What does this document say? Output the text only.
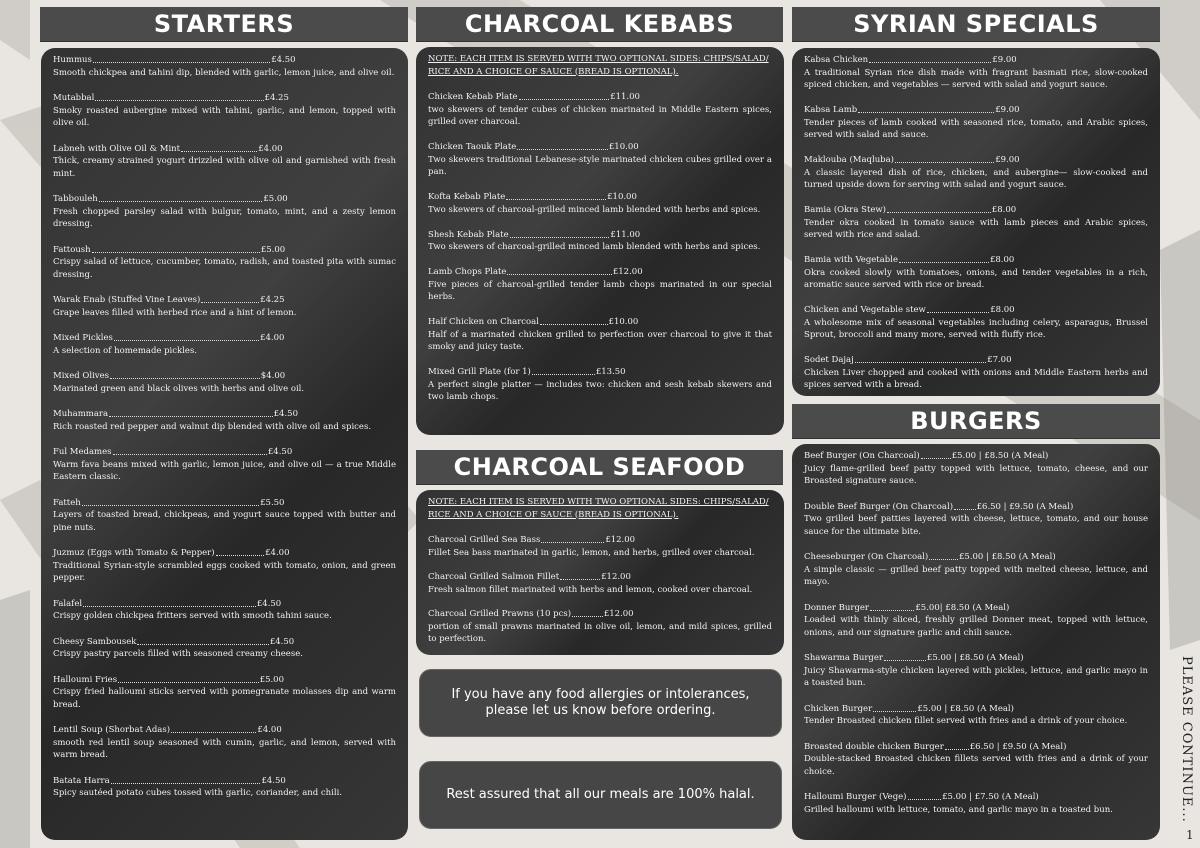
STARTERS
Hummus	£4.50
Smooth chickpea and tahini dip, blended with garlic, lemon juice, and olive oil.
Mutabbal	£4.25
Smoky roasted aubergine mixed with tahini, garlic, and lemon, topped with olive oil.
Labneh with Olive Oil & Mint	£4.00
Thick, creamy strained yogurt drizzled with olive oil and garnished with fresh mint.
Tabbouleh	£5.00
Fresh chopped parsley salad with bulgur, tomato, mint, and a zesty lemon dressing.
Fattoush	£5.00
Crispy salad of lettuce, cucumber, tomato, radish, and toasted pita with sumac dressing.
Warak Enab (Stuffed Vine Leaves)	£4.25
Grape leaves filled with herbed rice and a hint of lemon.
Mixed Pickles	£4.00
A selection of homemade pickles.
Mixed Olives	$4.00
Marinated green and black olives with herbs and olive oil.
Muhammara	£4.50
Rich roasted red pepper and walnut dip blended with olive oil and spices.
Ful Medames	£4.50
Warm fava beans mixed with garlic, lemon juice, and olive oil — a true Middle Eastern classic.
Fatteh	£5.50
Layers of toasted bread, chickpeas, and yogurt sauce topped with butter and pine nuts.
Juzmuz (Eggs with Tomato & Pepper)	£4.00
Traditional Syrian-style scrambled eggs cooked with tomato, onion, and green pepper.
Falafel	£4.50
Crispy golden chickpea fritters served with smooth tahini sauce.
Cheesy Sambousek	£4.50
Crispy pastry parcels filled with seasoned creamy cheese.
Halloumi Fries	£5.00
Crispy fried halloumi sticks served with pomegranate molasses dip and warm bread.
Lentil Soup (Shorbat Adas)	£4.00
smooth red lentil soup seasoned with cumin, garlic, and lemon, served with warm bread.
Batata Harra	£4.50
Spicy sautéed potato cubes tossed with garlic, coriander, and chili.
CHARCOAL KEBABS
NOTE: EACH ITEM IS SERVED WITH TWO OPTIONAL SIDES: CHIPS/SALAD/ RICE AND A CHOICE OF SAUCE (BREAD IS OPTIONAL).
Chicken Kebab Plate	£11.00
two skewers of tender cubes of chicken marinated in Middle Eastern spices, grilled over charcoal.
Chicken Taouk Plate	£10.00
Two skewers traditional Lebanese-style marinated chicken cubes grilled over a pan.
Kofta Kebab Plate	£10.00
Two skewers of charcoal-grilled minced lamb blended with herbs and spices.
Shesh Kebab Plate	£11.00
Two skewers of charcoal-grilled minced lamb blended with herbs and spices.
Lamb Chops Plate	£12.00
Five pieces of charcoal-grilled tender lamb chops marinated in our special herbs.
Half Chicken on Charcoal	£10.00
Half of a marinated chicken grilled to perfection over charcoal to give it that smoky and juicy taste.
Mixed Grill Plate (for 1)	£13.50
A perfect single platter — includes two: chicken and sesh kebab skewers and two lamb chops.
CHARCOAL SEAFOOD
NOTE: EACH ITEM IS SERVED WITH TWO OPTIONAL SIDES: CHIPS/SALAD/ RICE AND A CHOICE OF SAUCE (BREAD IS OPTIONAL).
Charcoal Grilled Sea Bass	£12.00
Fillet Sea bass marinated in garlic, lemon, and herbs, grilled over charcoal.
Charcoal Grilled Salmon Fillet	£12.00
Fresh salmon fillet marinated with herbs and lemon, cooked over charcoal.
Charcoal Grilled Prawns (10 pcs)	£12.00
portion of small prawns marinated in olive oil, lemon, and mild spices, grilled to perfection.
If you have any food allergies or intolerances, please let us know before ordering.
Rest assured that all our meals are 100% halal.
SYRIAN SPECIALS
Kabsa Chicken	£9.00
A traditional Syrian rice dish made with fragrant basmati rice, slow-cooked spiced chicken, and vegetables — served with salad and yogurt sauce.
Kabsa Lamb	£9.00
Tender pieces of lamb cooked with seasoned rice, tomato, and Arabic spices, served with salad and sauce.
Maklouba (Maqluba)	£9.00
A classic layered dish of rice, chicken, and aubergine— slow-cooked and turned upside down for serving with salad and yogurt sauce.
Bamia (Okra Stew)	£8.00
Tender okra cooked in tomato sauce with lamb pieces and Arabic spices, served with rice and salad.
Bamia with Vegetable	£8.00
Okra cooked slowly with tomatoes, onions, and tender vegetables in a rich, aromatic sauce served with rice or bread.
Chicken and Vegetable stew	£8.00
A wholesome mix of seasonal vegetables including celery, asparagus, Brussel Sprout, broccoli and many more, served with fluffy rice.
Sodet Dajaj	£7.00
Chicken Liver chopped and cooked with onions and Middle Eastern herbs and spices served with a bread.
BURGERS
Beef Burger (On Charcoal)	£5.00 | £8.50 (A Meal)
Juicy flame-grilled beef patty topped with lettuce, tomato, cheese, and our Broasted signature sauce.
Double Beef Burger (On Charcoal)	£6.50 | £9.50 (A Meal)
Two grilled beef patties layered with cheese, lettuce, tomato, and our house sauce for the ultimate bite.
Cheeseburger (On Charcoal)	£5.00 | £8.50 (A Meal)
A simple classic — grilled beef patty topped with melted cheese, lettuce, and mayo.
Donner Burger	£5.00| £8.50 (A Meal)
Loaded with thinly sliced, freshly grilled Donner meat, topped with lettuce, onions, and our signature garlic and chili sauce.
Shawarma Burger	£5.00 | £8.50 (A Meal)
Juicy Shawarma-style chicken layered with pickles, lettuce, and garlic mayo in a toasted bun.
Chicken Burger	£5.00 | £8.50 (A Meal)
Tender Broasted chicken fillet served with fries and a drink of your choice.
Broasted double chicken Burger	£6.50 | £9.50 (A Meal)
Double-stacked Broasted chicken fillets served with fries and a drink of your choice.
Halloumi Burger (Vege)	£5.00 | £7.50 (A Meal)
Grilled halloumi with lettuce, tomato, and garlic mayo in a toasted bun.	PLEASE CONTINUE...
1
